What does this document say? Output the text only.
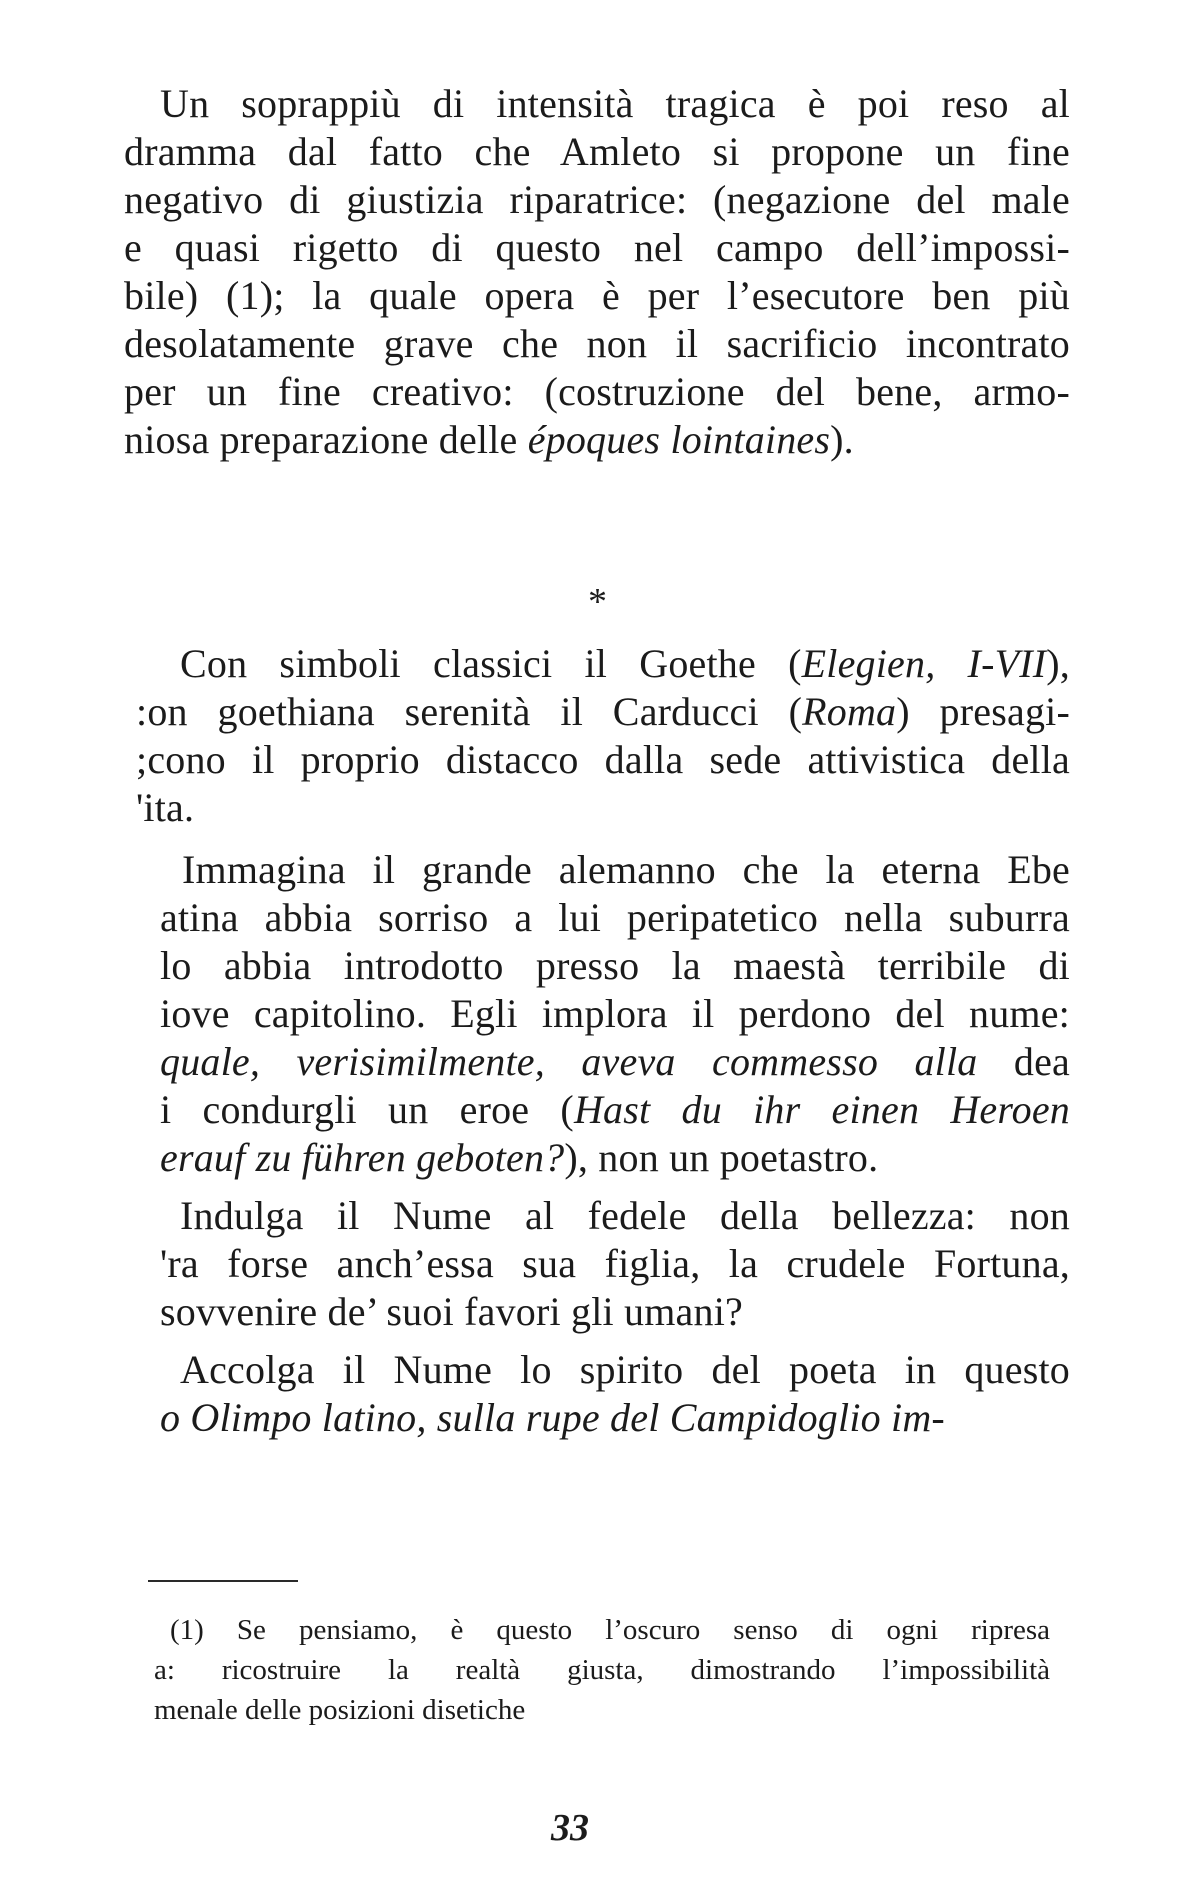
Un soprappiù di intensità tragica è poi reso al
dramma dal fatto che Amleto si propone un fine
negativo di giustizia riparatrice: (negazione del male
e quasi rigetto di questo nel campo dell’impossi-
bile) (1); la quale opera è per l’esecutore ben più
desolatamente grave che non il sacrificio incontrato
per un fine creativo: (costruzione del bene, armo-
niosa preparazione delle époques lointaines).
*
Con simboli classici il Goethe (Elegien, I-VII),
:on goethiana serenità il Carducci (Roma) presagi-
;cono il proprio distacco dalla sede attivistica della
'ita.
Immagina il grande alemanno che la eterna Ebe
atina abbia sorriso a lui peripatetico nella suburra
lo abbia introdotto presso la maestà terribile di
iove capitolino. Egli implora il perdono del nume:
quale, verisimilmente, aveva commesso alla dea
i condurgli un eroe (Hast du ihr einen Heroen
erauf zu führen geboten?), non un poetastro.
Indulga il Nume al fedele della bellezza: non
'ra forse anch’essa sua figlia, la crudele Fortuna,
sovvenire de’ suoi favori gli umani?
Accolga il Nume lo spirito del poeta in questo
o Olimpo latino, sulla rupe del Campidoglio im-
(1) Se pensiamo, è questo l’oscuro senso di ogni ripresa
a: ricostruire la realtà giusta, dimostrando l’impossibilità
menale delle posizioni disetiche
33
